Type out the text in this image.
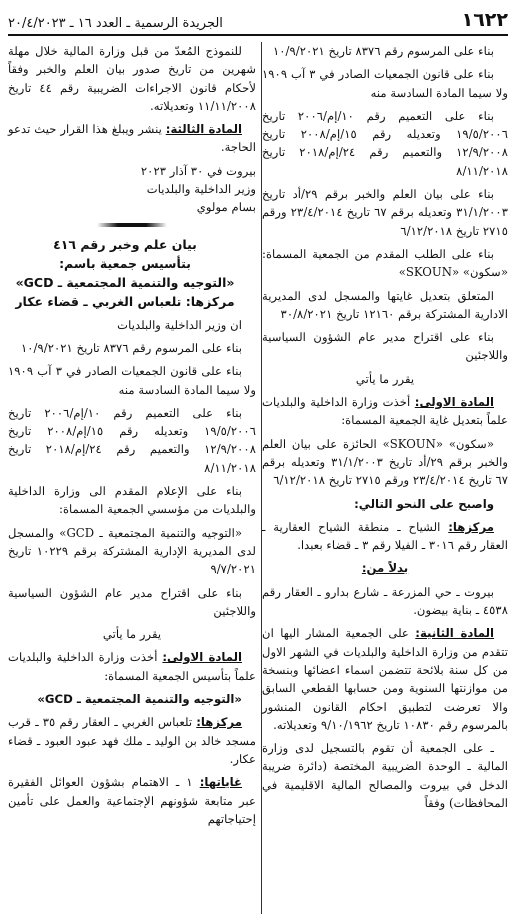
١٦٢٢
الجريدة الرسمية ـ العدد ١٦ ـ ٢٠/٤/٢٠٢٣

بناء على المرسوم رقم ٨٣٧٦ تاريخ ١٠/٩/٢٠٢١

بناء على قانون الجمعيات الصادر في ٣ آب ١٩٠٩ ولا سيما المادة السادسة منه

بناء على التعميم رقم ١٠/إم/٢٠٠٦ تاريخ ١٩/٥/٢٠٠٦ وتعديله رقم ١٥/إم/٢٠٠٨ تاريخ ١٢/٩/٢٠٠٨ والتعميم رقم ٢٤/إم/٢٠١٨ تاريخ ٨/١١/٢٠١٨

بناء على بيان العلم والخبر برقم ٢٩/أد تاريخ ٣١/١/٢٠٠٣ وتعديله برقم ٦٧ تاريخ ٢٣/٤/٢٠١٤ ورقم ٢٧١٥ تاريخ ٦/١٢/٢٠١٨

بناء على الطلب المقدم من الجمعية المسماة: «سكون» «SKOUN»

المتعلق بتعديل غايتها والمسجل لدى المديرية الادارية المشتركة برقم ١٢١٦٠ تاريخ ٣٠/٨/٢٠٢١

بناء على اقتراح مدير عام الشؤون السياسية واللاجئين

يقرر ما يأتي

المادة الاولى: أخذت وزارة الداخلية والبلديات علماً بتعديل غاية الجمعية المسماة:

«سكون» «SKOUN» الحائزة على بيان العلم والخبر برقم ٢٩/أد تاريخ ٣١/١/٢٠٠٣ وتعديله برقم ٦٧ تاريخ ٢٣/٤/٢٠١٤ ورقم ٢٧١٥ تاريخ ٦/١٢/٢٠١٨

واصبح على النحو التالي:

مركزها: الشياح ـ منطقة الشياح العقارية ـ العقار رقم ٣٠١٦ ـ الفيلا رقم ٣ ـ قضاء بعبدا.

بدلاً من:

بيروت ـ حي المزرعة ـ شارع بدارو ـ العقار رقم ٤٥٣٨ ـ بناية بيضون.

المادة الثانية: على الجمعية المشار اليها ان تتقدم من وزارة الداخلية والبلديات في الشهر الاول من كل سنة بلائحة تتضمن اسماء اعضائها وبنسخة من موازنتها السنوية ومن حسابها القطعي السابق والا تعرضت لتطبيق احكام القانون المنشور بالمرسوم رقم ١٠٨٣٠ تاريخ ٩/١٠/١٩٦٢ وتعديلاته.

ـ على الجمعية أن تقوم بالتسجيل لدى وزارة المالية ـ الوحدة الضريبية المختصة (دائرة ضريبة الدخل في بيروت والمصالح المالية الاقليمية في المحافظات) وفقاً

للنموذج المُعدّ من قبل وزارة المالية خلال مهلة شهرين من تاريخ صدور بيان العلم والخبر وفقاً لأحكام قانون الاجراءات الضريبية رقم ٤٤ تاريخ ١١/١١/٢٠٠٨ وتعديلاته.

المادة الثالثة: ينشر ويبلغ هذا القرار حيث تدعو الحاجة.

بيروت في ٣٠ آذار ٢٠٢٣

وزير الداخلية والبلديات

بسام مولوي

بيان علم وخبر رقم ٤١٦

بتأسيس جمعية باسم:

«التوجيه والتنمية المجتمعية ـ GCD»

مركزها: تلعباس الغربي ـ قضاء عكار

ان وزير الداخلية والبلديات

بناء على المرسوم رقم ٨٣٧٦ تاريخ ١٠/٩/٢٠٢١

بناء على قانون الجمعيات الصادر في ٣ آب ١٩٠٩ ولا سيما المادة السادسة منه

بناء على التعميم رقم ١٠/إم/٢٠٠٦ تاريخ ١٩/٥/٢٠٠٦ وتعديله رقم ١٥/إم/٢٠٠٨ تاريخ ١٢/٩/٢٠٠٨ والتعميم رقم ٢٤/إم/٢٠١٨ تاريخ ٨/١١/٢٠١٨

بناء على الإعلام المقدم الى وزارة الداخلية والبلديات من مؤسسي الجمعية المسماة:

«التوجيه والتنمية المجتمعية ـ GCD» والمسجل لدى المديرية الإدارية المشتركة برقم ١٠٢٢٩ تاريخ ٩/٧/٢٠٢١

بناء على اقتراح مدير عام الشؤون السياسية واللاجئين

يقرر ما يأتي

المادة الاولى: أخذت وزارة الداخلية والبلديات علماً بتأسيس الجمعية المسماة:

«التوجيه والتنمية المجتمعية ـ GCD»

مركزها: تلعباس الغربي ـ العقار رقم ٣٥ ـ قرب مسجد خالد بن الوليد ـ ملك فهد عبود العبود ـ قضاء عكار.

غاياتها: ١ ـ الاهتمام بشؤون العوائل الفقيرة عبر متابعة شؤونهم الإجتماعية والعمل على تأمين إحتياجاتهم
